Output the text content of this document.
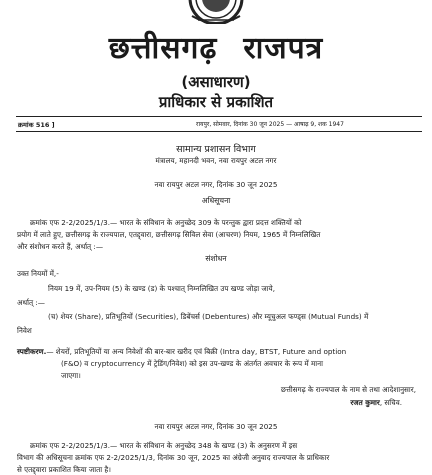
छत्तीसगढ़ राजपत्र
(असाधारण)
प्राधिकार से प्रकाशित
क्रमांक 516 ]	रायपुर, सोमवार, दिनांक 30 जून 2025 — आषाढ़ 9, शक 1947
सामान्य प्रशासन विभाग
मंत्रालय, महानदी भवन, नवा रायपुर अटल नगर
नवा रायपुर अटल नगर, दिनांक 30 जून 2025
अधिसूचना
क्रमांक एफ 2-2/2025/1/3.— भारत के संविधान के अनुच्छेद 309 के परन्तुक द्वारा प्रदत्त शक्तियों को
प्रयोग में लाते हुए, छत्तीसगढ़ के राज्यपाल, एतद्द्वारा, छत्तीसगढ़ सिविल सेवा (आचरण) नियम, 1965 में निम्नलिखित
और संशोधन करते हैं, अर्थात् :—
संशोधन
उक्त नियमों में,-
नियम 19 में, उप-नियम (5) के खण्ड (ड) के पश्चात् निम्नलिखित उप खण्ड जोड़ा जाये,
अर्थात् :—
(च) शेयर (Share), प्रतिभूतियों (Securities), डिबेंचर्स (Debentures) और म्यूचुअल फण्ड्स (Mutual Funds) में
निवेश
स्पष्टीकरण.— शेयरों, प्रतिभूतियों या अन्य निवेशों की बार-बार खरीद एवं बिक्री (Intra day, BTST, Future and option
(F&O) व cryptocurrency में ट्रेडिंग/निवेश) को इस उप-खण्ड के अंतर्गत अवचार के रूप में माना
जाएगा।
छत्तीसगढ़ के राज्यपाल के नाम से तथा आदेशानुसार,
रजत कुमार, सचिव.
नवा रायपुर अटल नगर, दिनांक 30 जून 2025
क्रमांक एफ 2-2/2025/1/3.— भारत के संविधान के अनुच्छेद 348 के खण्ड (3) के अनुसरण में इस
विभाग की अधिसूचना क्रमांक एफ 2-2/2025/1/3, दिनांक 30 जून, 2025 का अंग्रेजी अनुवाद राज्यपाल के प्राधिकार
से एतद्द्वारा प्रकाशित किया जाता है।
